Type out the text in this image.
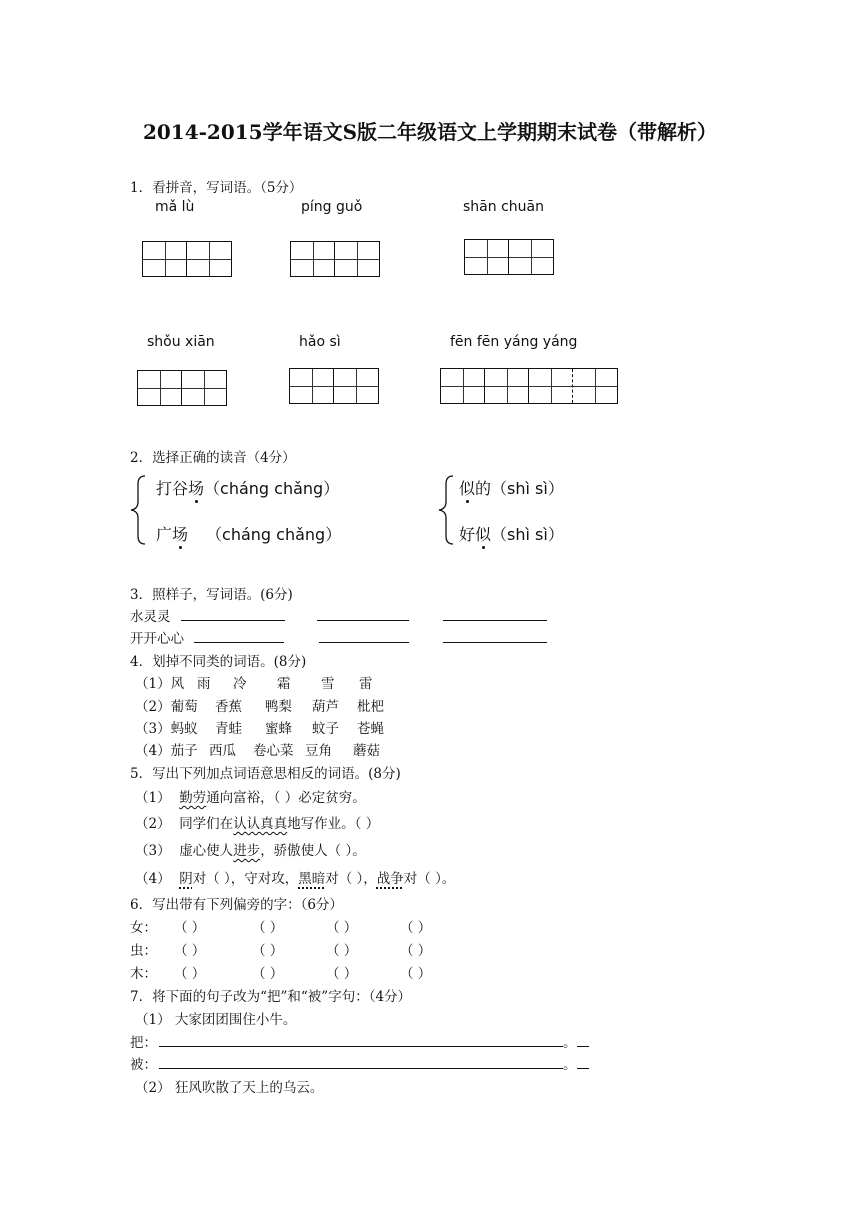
2014-2015学年语文S版二年级语文上学期期末试卷（带解析）
1．看拼音，写词语。（5分）
mǎ lù	píng guǒ	shān chuān
shǒu xiān	hǎo sì	fēn fēn yáng yáng
2．选择正确的读音（4分）
打谷场（cháng chǎng）
广场 （cháng chǎng）
似的（shì sì）
好似（shì sì）
3．照样子，写词语。(6分)
水灵灵
开开心心
4．划掉不同类的词语。(8分)
（1）风 雨 冷 霜 雪 雷
（2）葡萄 香蕉 鸭梨 葫芦 枇杷
（3）蚂蚁 青蛙 蜜蜂 蚊子 苍蝇
（4）茄子 西瓜 卷心菜 豆角 蘑菇
5．写出下列加点词语意思相反的词语。(8分)
（1） 勤劳通向富裕，（ ）必定贫穷。
（2） 同学们在认认真真地写作业。（ ）
（3） 虚心使人进步，骄傲使人（ ）。
（4） 阴对（ ），守对攻，黑暗对（ ），战争对（ ）。
6．写出带有下列偏旁的字：（6分）
女： （ ）	（ ）	（ ）	（ ）
虫： （ ）	（ ）	（ ）	（ ）
木： （ ）	（ ）	（ ）	（ ）
7．将下面的句子改为“把”和“被”字句：（4分）
（1） 大家团团围住小牛。
把：	。
被：	。
（2） 狂风吹散了天上的乌云。
